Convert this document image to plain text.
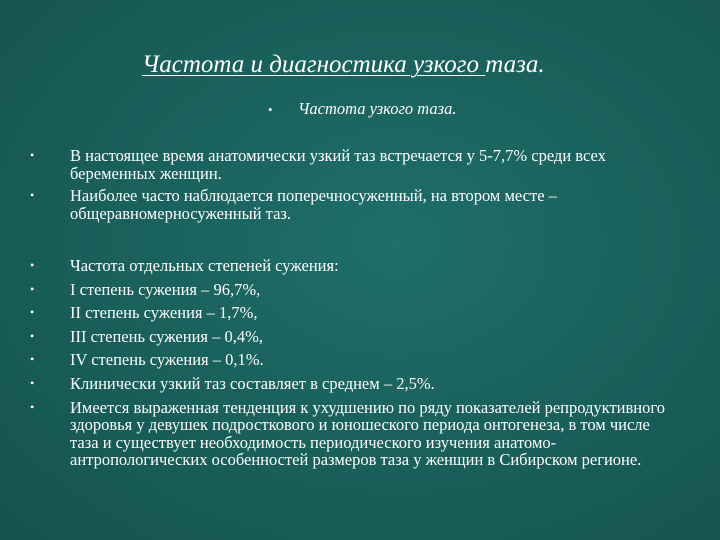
Частота и диагностика узкого таза.
• Частота узкого таза.
•	В настоящее время анатомически узкий таз встречается у 5-7,7% среди всех беременных женщин.
•	Наиболее часто наблюдается поперечносуженный, на втором месте – общеравномерносуженный таз.
•	Частота отдельных степеней сужения:
•	I степень сужения – 96,7%,
•	II степень сужения – 1,7%,
•	III степень сужения – 0,4%,
•	IV степень сужения – 0,1%.
•	Клинически узкий таз составляет в среднем – 2,5%.
•	Имеется выраженная тенденция к ухудшению по ряду показателей репродуктивного здоровья у девушек подросткового и юношеского периода онтогенеза, в том числе таза и существует необходимость периодического изучения анатомо-антропологических особенностей размеров таза у женщин в Сибирском регионе.
